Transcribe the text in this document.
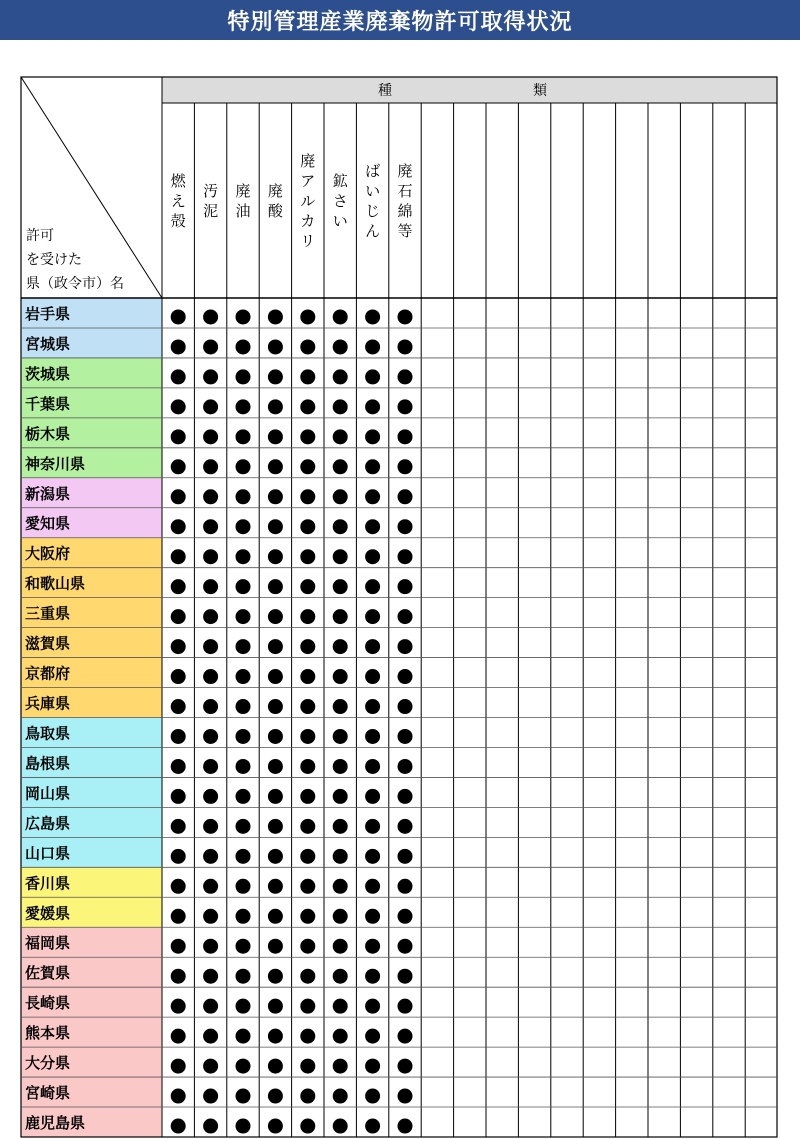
特別管理産業廃棄物許可取得状況
種	類
岩手県
宮城県
茨城県
千葉県
栃木県
神奈川県
新潟県
愛知県
大阪府
和歌山県
三重県
滋賀県
京都府
兵庫県
鳥取県
島根県
岡山県
広島県
山口県
香川県
愛媛県
福岡県
佐賀県
長崎県
熊本県
大分県
宮崎県
鹿児島県
燃え殻
汚泥
廃油
廃酸
廃アルカリ
鉱さい
ばいじん
廃石綿等
許可
を受けた
県（政令市）名
